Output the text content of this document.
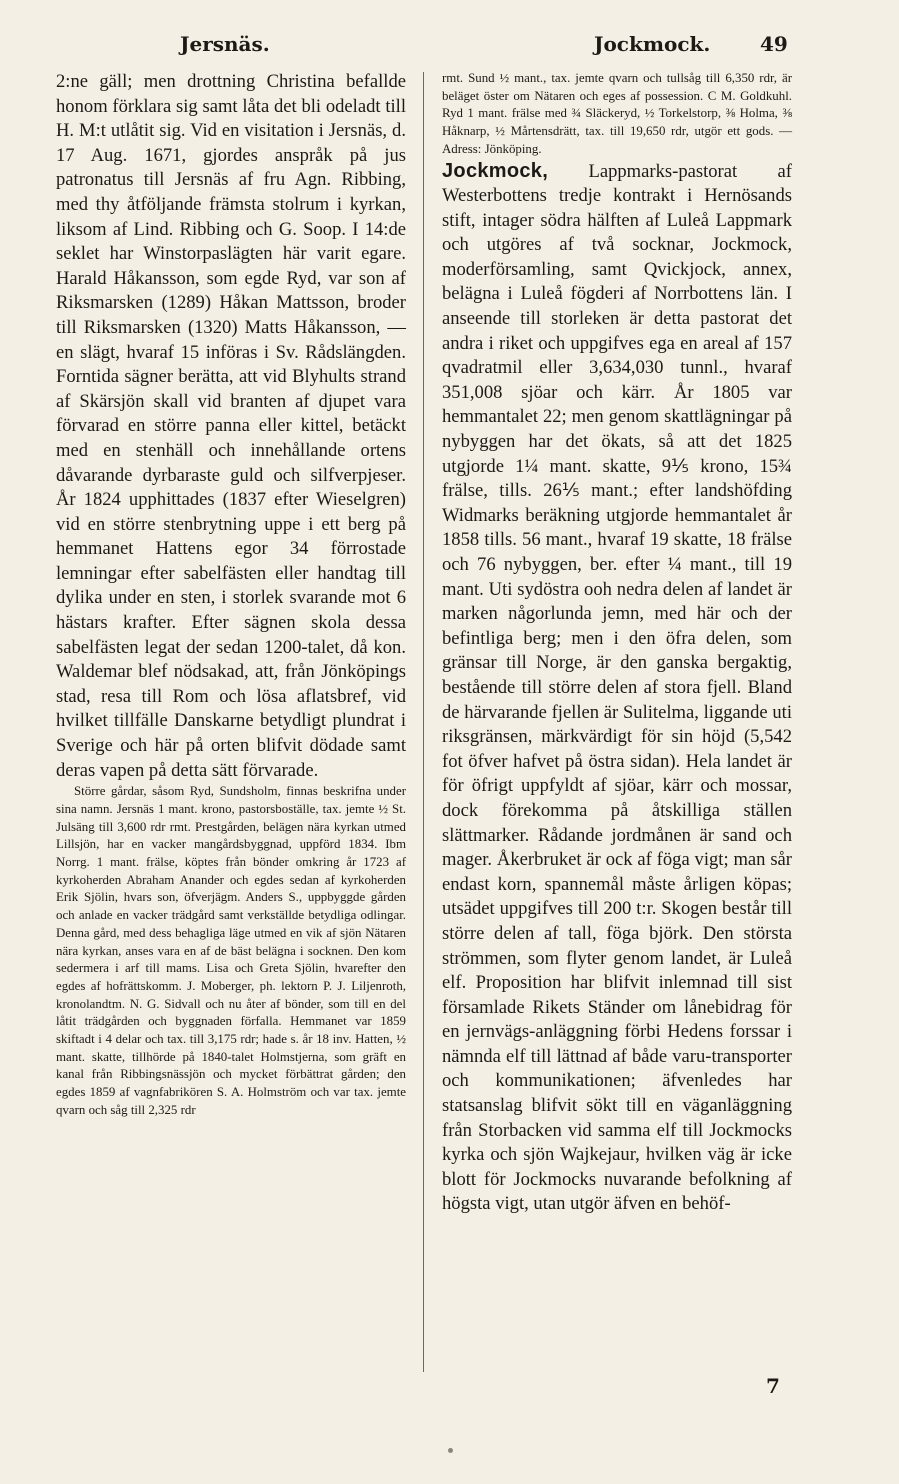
Jersnäs.	Jockmock. 49

2:ne gäll; men drottning Christina befallde honom förklara sig samt låta det bli odeladt till H. M:t utlåtit sig. Vid en visitation i Jersnäs, d. 17 Aug. 1671, gjordes anspråk på jus patronatus till Jersnäs af fru Agn. Ribbing, med thy åtföljande främsta stolrum i kyrkan, liksom af Lind. Ribbing och G. Soop. I 14:de seklet har Winstorpaslägten här varit egare. Harald Håkansson, som egde Ryd, var son af Riksmarsken (1289) Håkan Mattsson, broder till Riksmarsken (1320) Matts Håkansson, — en slägt, hvaraf 15 införas i Sv. Rådslängden. Forntida sägner berätta, att vid Blyhults strand af Skärsjön skall vid branten af djupet vara förvarad en större panna eller kittel, betäckt med en stenhäll och innehållande ortens dåvarande dyrbaraste guld och silfverpjeser. År 1824 upphittades (1837 efter Wieselgren) vid en större stenbrytning uppe i ett berg på hemmanet Hattens egor 34 förrostade lemningar efter sabelfästen eller handtag till dylika under en sten, i storlek svarande mot 6 hästars krafter. Efter sägnen skola dessa sabelfästen legat der sedan 1200-talet, då kon. Waldemar blef nödsakad, att, från Jönköpings stad, resa till Rom och lösa aflatsbref, vid hvilket tillfälle Danskarne betydligt plundrat i Sverige och här på orten blifvit dödade samt deras vapen på detta sätt förvarade.

Större gårdar, såsom Ryd, Sundsholm, finnas beskrifna under sina namn. Jersnäs 1 mant. krono, pastorsboställe, tax. jemte ½ St. Julsäng till 3,600 rdr rmt. Prestgården, belägen nära kyrkan utmed Lillsjön, har en vacker mangårdsbyggnad, uppförd 1834. Ibm Norrg. 1 mant. frälse, köptes från bönder omkring år 1723 af kyrkoherden Abraham Anander och egdes sedan af kyrkoherden Erik Sjölin, hvars son, öfverjägm. Anders S., uppbyggde gården och anlade en vacker trädgård samt verkställde betydliga odlingar. Denna gård, med dess behagliga läge utmed en vik af sjön Nätaren nära kyrkan, anses vara en af de bäst belägna i socknen. Den kom sedermera i arf till mams. Lisa och Greta Sjölin, hvarefter den egdes af hofrättskomm. J. Moberger, ph. lektorn P. J. Liljenroth, kronolandtm. N. G. Sidvall och nu åter af bönder, som till en del låtit trädgården och byggnaden förfalla. Hemmanet var 1859 skiftadt i 4 delar och tax. till 3,175 rdr; hade s. år 18 inv. Hatten, ½ mant. skatte, tillhörde på 1840-talet Holmstjerna, som gräft en kanal från Ribbingsnässjön och mycket förbättrat gården; den egdes 1859 af vagnfabrikören S. A. Holmström och var tax. jemte qvarn och såg till 2,325 rdr

rmt. Sund ½ mant., tax. jemte qvarn och tullsåg till 6,350 rdr, är beläget öster om Nätaren och eges af possession. C M. Goldkuhl. Ryd 1 mant. frälse med ¾ Släckeryd, ½ Torkelstorp, ⅜ Holma, ⅜ Håknarp, ½ Mårtensdrätt, tax. till 19,650 rdr, utgör ett gods. — Adress: Jönköping.

Jockmock, Lappmarks-pastorat af Westerbottens tredje kontrakt i Hernösands stift, intager södra hälften af Luleå Lappmark och utgöres af två socknar, Jockmock, moderförsamling, samt Qvickjock, annex, belägna i Luleå fögderi af Norrbottens län. I anseende till storleken är detta pastorat det andra i riket och uppgifves ega en areal af 157 qvadratmil eller 3,634,030 tunnl., hvaraf 351,008 sjöar och kärr. År 1805 var hemmantalet 22; men genom skattlägningar på nybyggen har det ökats, så att det 1825 utgjorde 1¼ mant. skatte, 9⅕ krono, 15¾ frälse, tills. 26⅕ mant.; efter landshöfding Widmarks beräkning utgjorde hemmantalet år 1858 tills. 56 mant., hvaraf 19 skatte, 18 frälse och 76 nybyggen, ber. efter ¼ mant., till 19 mant. Uti sydöstra ooh nedra delen af landet är marken någorlunda jemn, med här och der befintliga berg; men i den öfra delen, som gränsar till Norge, är den ganska bergaktig, bestående till större delen af stora fjell. Bland de härvarande fjellen är Sulitelma, liggande uti riksgränsen, märkvärdigt för sin höjd (5,542 fot öfver hafvet på östra sidan). Hela landet är för öfrigt uppfyldt af sjöar, kärr och mossar, dock förekomma på åtskilliga ställen slättmarker. Rådande jordmånen är sand och mager. Åkerbruket är ock af föga vigt; man sår endast korn, spannemål måste årligen köpas; utsädet uppgifves till 200 t:r. Skogen består till större delen af tall, föga björk. Den största strömmen, som flyter genom landet, är Luleå elf. Proposition har blifvit inlemnad till sist församlade Rikets Ständer om lånebidrag för en jernvägs-anläggning förbi Hedens forssar i nämnda elf till lättnad af både varu-transporter och kommunikationen; äfvenledes har statsanslag blifvit sökt till en väganläggning från Storbacken vid samma elf till Jockmocks kyrka och sjön Wajkejaur, hvilken väg är icke blott för Jockmocks nuvarande befolkning af högsta vigt, utan utgör äfven en behöf-

7
